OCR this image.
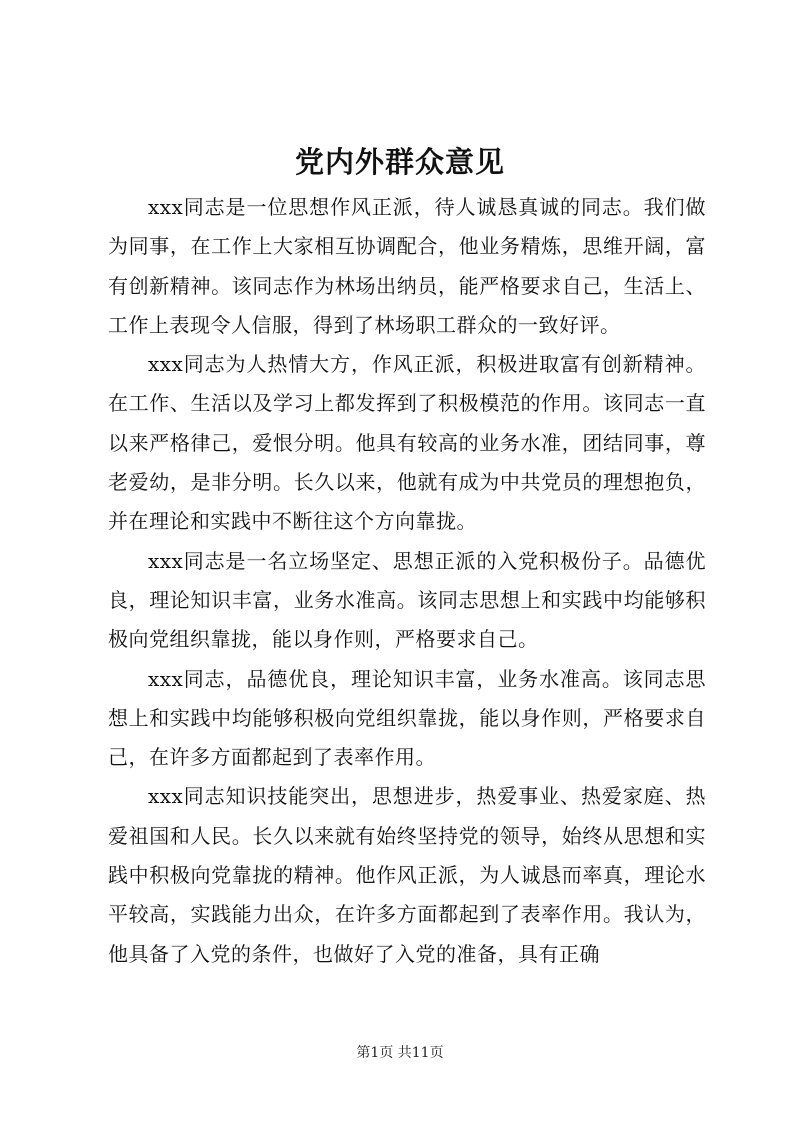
党内外群众意见

xxx同志是一位思想作风正派，待人诚恳真诚的同志。我们做为同事，在工作上大家相互协调配合，他业务精炼，思维开阔，富有创新精神。该同志作为林场出纳员，能严格要求自己，生活上、工作上表现令人信服，得到了林场职工群众的一致好评。

xxx同志为人热情大方，作风正派，积极进取富有创新精神。在工作、生活以及学习上都发挥到了积极模范的作用。该同志一直以来严格律己，爱恨分明。他具有较高的业务水准，团结同事，尊老爱幼，是非分明。长久以来，他就有成为中共党员的理想抱负，并在理论和实践中不断往这个方向靠拢。

xxx同志是一名立场坚定、思想正派的入党积极份子。品德优良，理论知识丰富，业务水准高。该同志思想上和实践中均能够积极向党组织靠拢，能以身作则，严格要求自己。

xxx同志，品德优良，理论知识丰富，业务水准高。该同志思想上和实践中均能够积极向党组织靠拢，能以身作则，严格要求自己，在许多方面都起到了表率作用。

xxx同志知识技能突出，思想进步，热爱事业、热爱家庭、热爱祖国和人民。长久以来就有始终坚持党的领导，始终从思想和实践中积极向党靠拢的精神。他作风正派，为人诚恳而率真，理论水平较高，实践能力出众，在许多方面都起到了表率作用。我认为，他具备了入党的条件，也做好了入党的准备，具有正确

第1页 共11页
